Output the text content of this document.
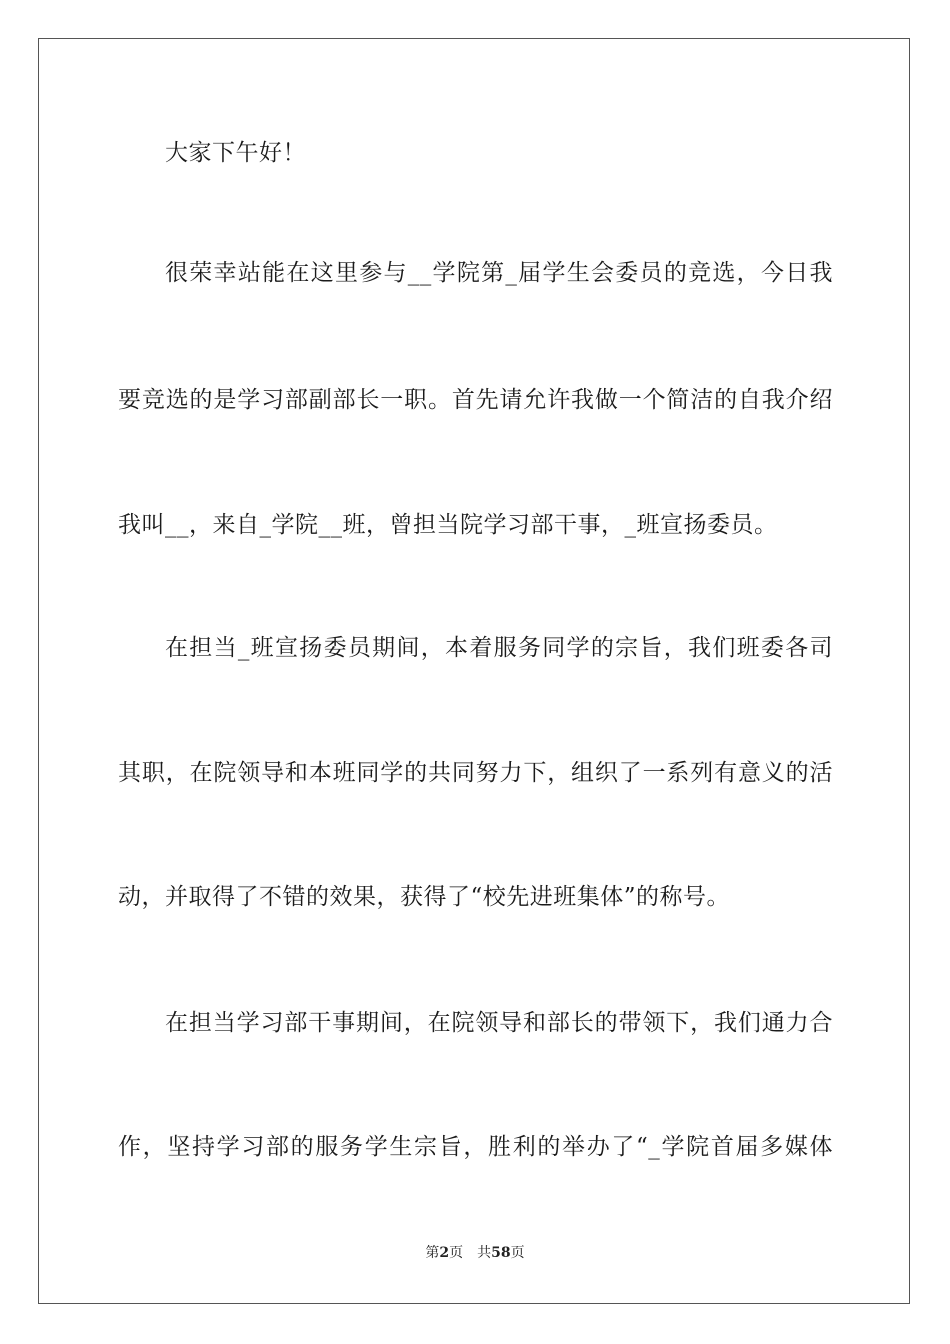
大家下午好！
很荣幸站能在这里参与__学院第_届学生会委员的竞选，今日我
要竞选的是学习部副部长一职。首先请允许我做一个简洁的自我介绍
我叫__，来自_学院__班，曾担当院学习部干事，_班宣扬委员。
在担当_班宣扬委员期间，本着服务同学的宗旨，我们班委各司
其职，在院领导和本班同学的共同努力下，组织了一系列有意义的活
动，并取得了不错的效果，获得了“校先进班集体”的称号。
在担当学习部干事期间，在院领导和部长的带领下，我们通力合
作，坚持学习部的服务学生宗旨，胜利的举办了“_学院首届多媒体
第2页 共58页
